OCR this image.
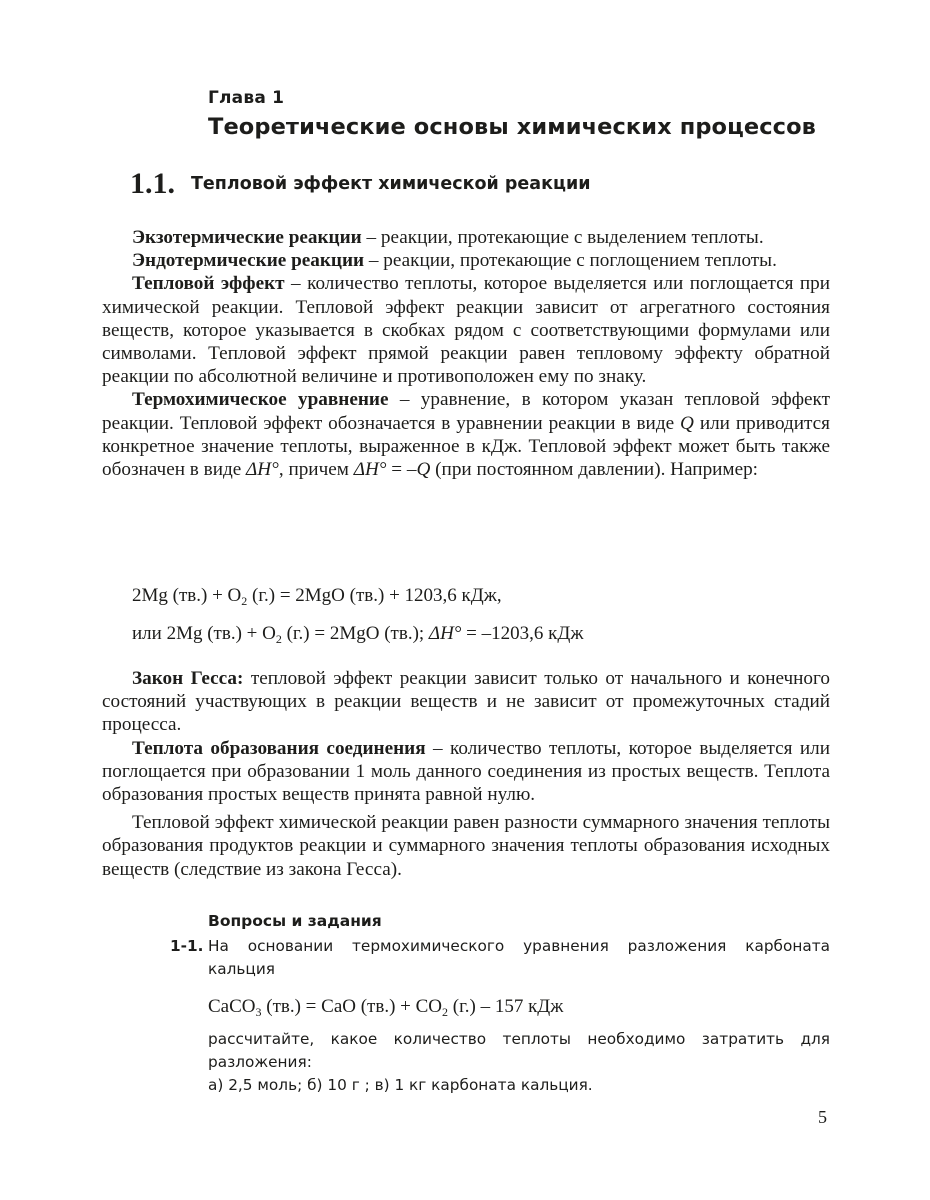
Глава 1
Теоретические основы химических процессов
1.1. Тепловой эффект химической реакции

Экзотермические реакции – реакции, протекающие с выделением теплоты.

Эндотермические реакции – реакции, протекающие с поглощением теплоты.

Тепловой эффект – количество теплоты, которое выделяется или поглощается при химической реакции. Тепловой эффект реакции зависит от агрегатного состояния веществ, которое указывается в скобках рядом с соответствующими формулами или символами. Тепловой эффект прямой реакции равен тепловому эффекту обратной реакции по абсолютной величине и противоположен ему по знаку.

Термохимическое уравнение – уравнение, в котором указан тепловой эффект реакции. Тепловой эффект обозначается в уравнении реакции в виде Q или приводится конкретное значение теплоты, выраженное в кДж. Тепловой эффект может быть также обозначен в виде ΔH°, причем ΔH° = –Q (при постоянном давлении). Например:

2Mg $(тв.) + O_2$ (г.) = 2MgO (тв.) + 1203,6 кДж,
или 2Mg $(тв.) + O_2$ (г.) = 2MgO (тв.); ΔH° = –1203,6 кДж

Закон Гесса: тепловой эффект реакции зависит только от начального и конечного состояний участвующих в реакции веществ и не зависит от промежуточных стадий процесса.

Теплота образования соединения – количество теплоты, которое выделяется или поглощается при образовании 1 моль данного соединения из простых веществ. Теплота образования простых веществ принята равной нулю.

Тепловой эффект химической реакции равен разности суммарного значения теплоты образования продуктов реакции и суммарного значения теплоты образования исходных веществ (следствие из закона Гесса).

Вопросы и задания
1-1. На основании термохимического уравнения разложения карбоната кальция
CaCO$_3$ (тв.) = CaO $(тв.) + CO_2$ (г.) – 157 кДж
рассчитайте, какое количество теплоты необходимо затратить для разложения:
а) 2,5 моль; б) 10 г ; в) 1 кг карбоната кальция.
5
